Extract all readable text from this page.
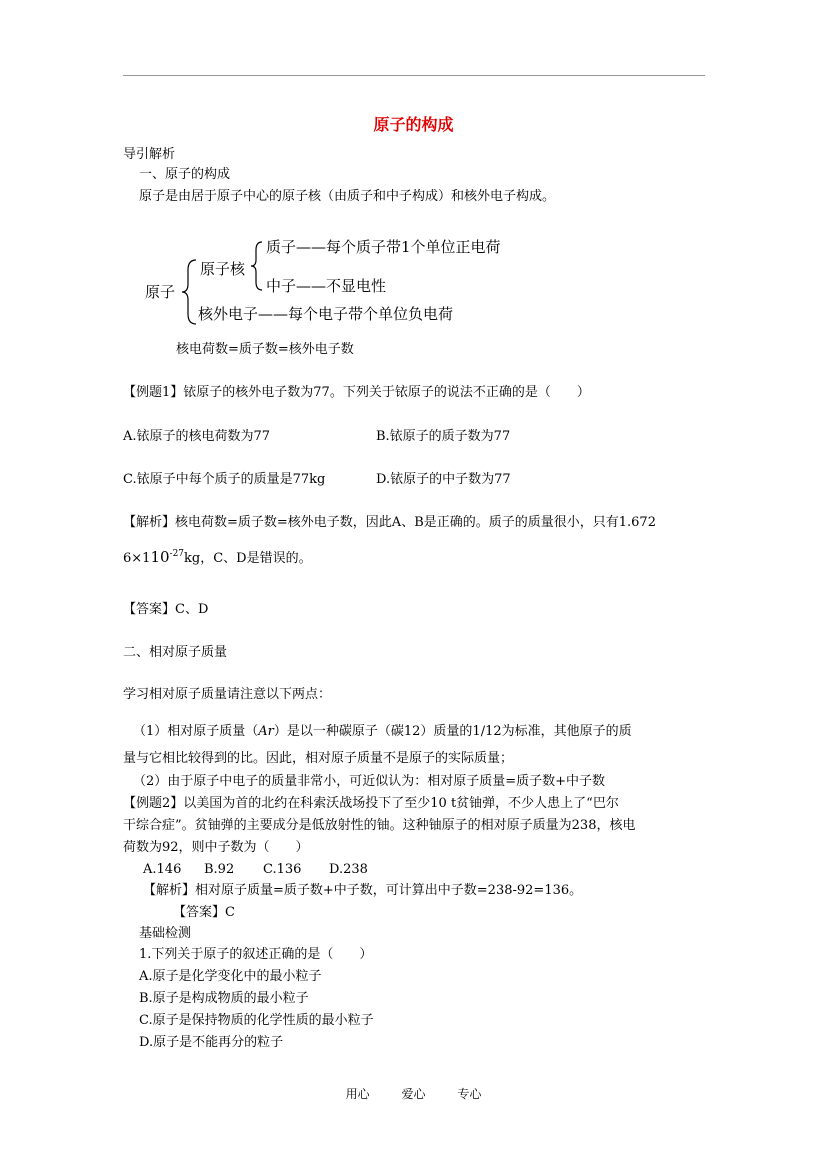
原子的构成
导引解析
一、原子的构成
原子是由居于原子中心的原子核（由质子和中子构成）和核外电子构成。
原子
原子核
质子——每个质子带1个单位正电荷
中子——不显电性
核外电子——每个电子带个单位负电荷
核电荷数=质子数=核外电子数
【例题1】铱原子的核外电子数为77。下列关于铱原子的说法不正确的是（　　）
A.铱原子的核电荷数为77	B.铱原子的质子数为77
C.铱原子中每个质子的质量是77kg	D.铱原子的中子数为77
【解析】核电荷数=质子数=核外电子数，因此A、B是正确的。质子的质量很小，只有1.672
$6\times 110^{-27}kg$，C、D是错误的。
【答案】C、D
二、相对原子质量
学习相对原子质量请注意以下两点：
（1）相对原子质量（Ar）是以一种碳原子（碳12）质量的1/12为标准，其他原子的质
量与它相比较得到的比。因此，相对原子质量不是原子的实际质量；
（2）由于原子中电子的质量非常小，可近似认为：相对原子质量=质子数+中子数
【例题2】以美国为首的北约在科索沃战场投下了至少10 t贫铀弹，不少人患上了“巴尔
干综合症”。贫铀弹的主要成分是低放射性的铀。这种铀原子的相对原子质量为238，核电
荷数为92，则中子数为（　　）
A.146 B.92 C.136 D.238
【解析】相对原子质量=质子数+中子数，可计算出中子数=238-92=136。
【答案】C
基础检测
1.下列关于原子的叙述正确的是（　　）
A.原子是化学变化中的最小粒子
B.原子是构成物质的最小粒子
C.原子是保持物质的化学性质的最小粒子
D.原子是不能再分的粒子
用心	爱心	专心
